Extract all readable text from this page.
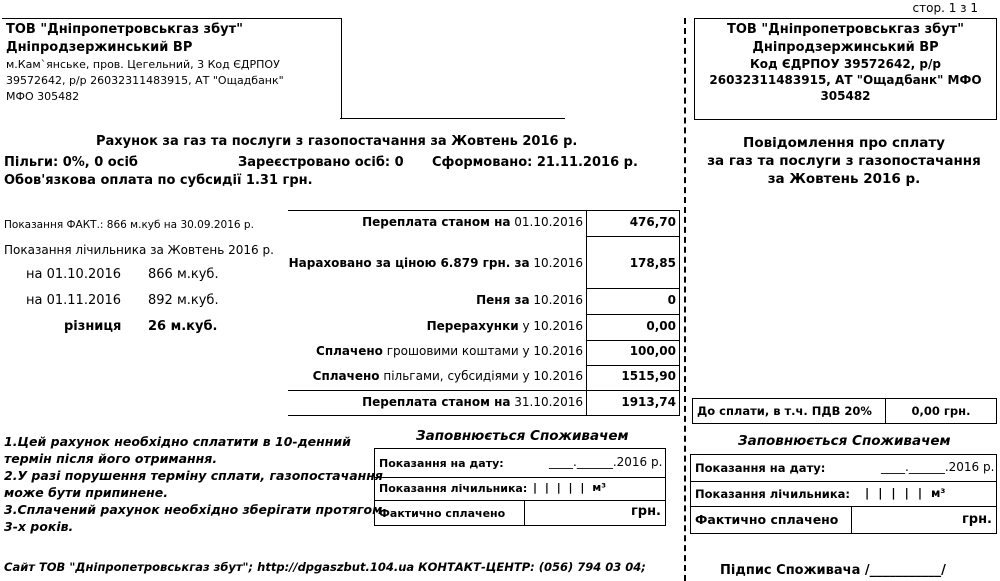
стор. 1 з 1
ТОВ "Дніпропетровськгаз збут"
Дніпродзержинський ВР
м.Кам`янське, пров. Цегельний, 3 Код ЄДРПОУ
39572642, р/р 26032311483915, АТ "Ощадбанк"
МФО 305482
Рахунок за газ та послуги з газопостачання за Жовтень 2016 р.
Пільги: 0%, 0 осіб	Зареєстровано осіб: 0 Сформовано: 21.11.2016 р.
Обов'язкова оплата по субсидії 1.31 грн.
Показання ФАКТ.: 866 м.куб на 30.09.2016 р.
Показання лічильника за Жовтень 2016 р.
на 01.10.2016 866 м.куб.
на 01.11.2016 892 м.куб.
різниця 26 м.куб.
Переплата станом на 01.10.2016	476,70
Нараховано за ціною 6.879 грн. за 10.2016	178,85
Пеня за 10.2016	0
Перерахунки у 10.2016	0,00
Сплачено грошовими коштами у 10.2016	100,00
Сплачено пільгами, субсидіями у 10.2016	1515,90
Переплата станом на 31.10.2016	1913,74
1.Цей рахунок необхідно сплатити в 10-денний
термін після його отримання.
2.У разі порушення терміну сплати, газопостачання
може бути припинене.
3.Сплачений рахунок необхідно зберігати протягом
3-х років.
Заповнюється Споживачем
Показання на дату:	____.______.2016 р.
Показання лічильника: | | | | | м³
Фактично сплачено	грн.
Сайт ТОВ "Дніпропетровськгаз збут"; http://dpgaszbut.104.ua КОНТАКТ-ЦЕНТР: (056) 794 03 04;
ТОВ "Дніпропетровськгаз збут"
Дніпродзержинський ВР
Код ЄДРПОУ 39572642, р/р
26032311483915, АТ "Ощадбанк" МФО
305482
Повідомлення про сплату
за газ та послуги з газопостачання
за Жовтень 2016 р.
До сплати, в т.ч. ПДВ 20%	0,00 грн.
Заповнюється Споживачем
Показання на дату:	____.______.2016 р.
Показання лічильника: | | | | | м³
Фактично сплачено	грн.
Підпис Споживача /___________/
